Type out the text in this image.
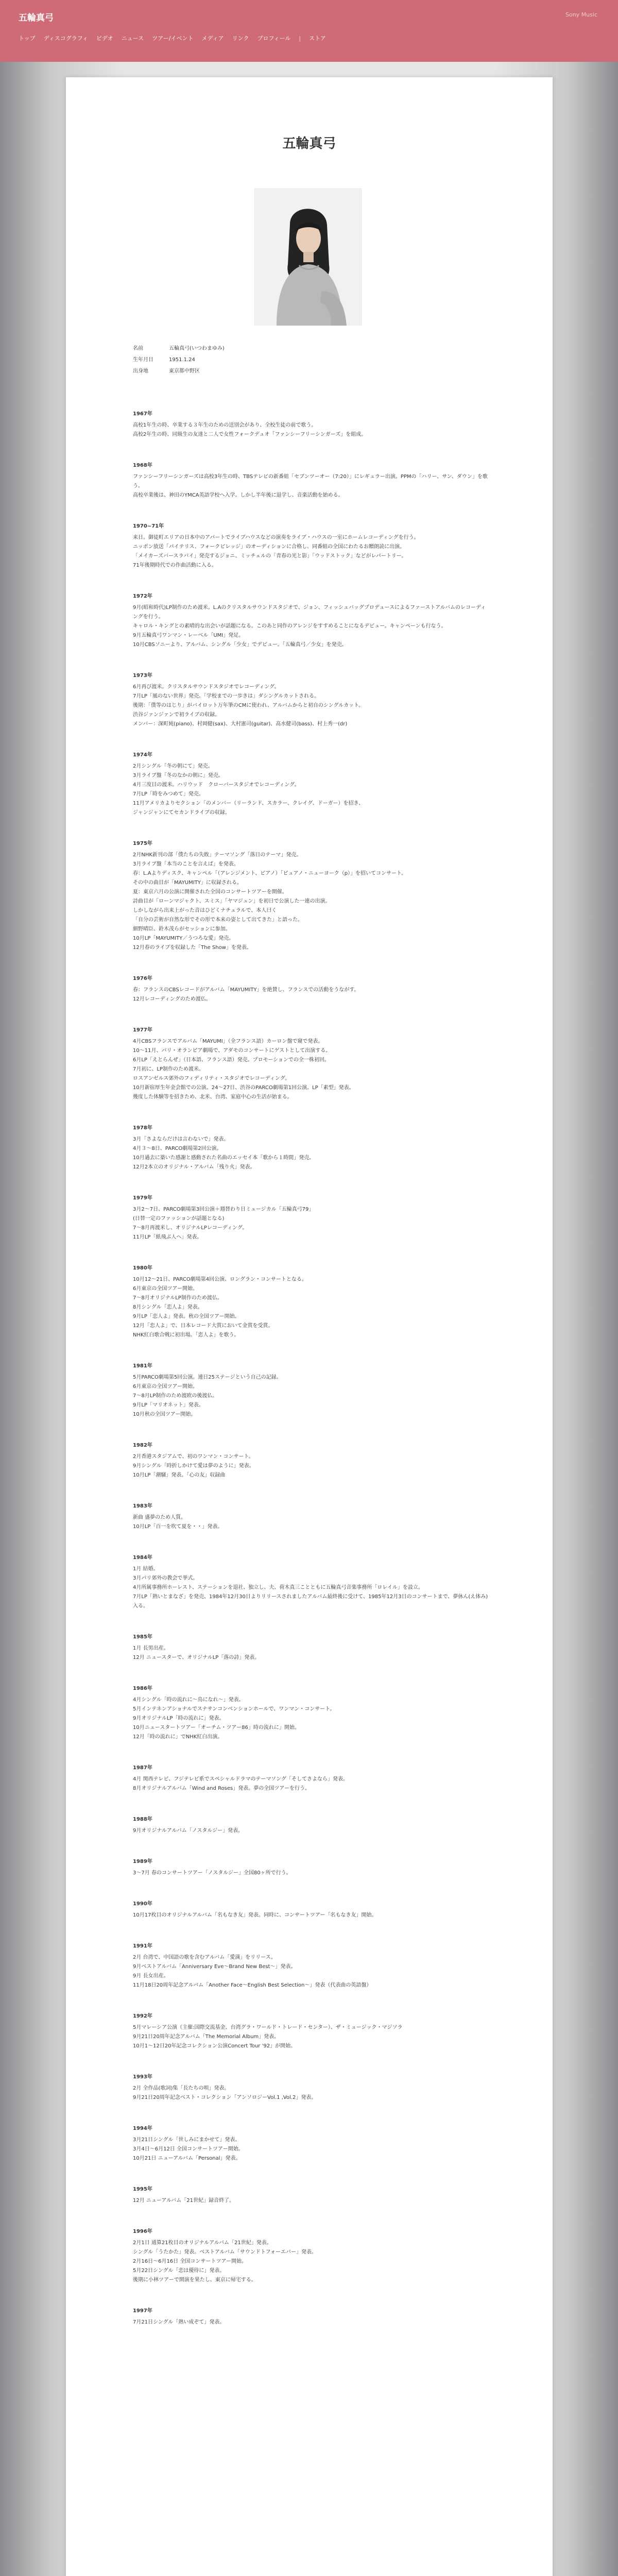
五輪真弓	Sony Music
トップ ディスコグラフィ ビデオ ニュース ツアー/イベント メディア リンク プロフィール | ストア
五輪真弓
名前	五輪真弓(いつわまゆみ)
生年月日	1951.1.24
出身地	東京都中野区
1967年
高校1年生の時、卒業する３年生のための送別会があり、全校生徒の前で歌う。
高校2年生の時、同級生の友達と二人で女性フォークデュオ「ファンシーフリーシンガーズ」を組成。
1968年
ファンシーフリーシンガーズは高校3年生の時、TBSテレビの新番組「セブンツーオー（7:20）」にレギュラー出演。PPMの「ハリー、サン、ダウン」を歌う。
高校卒業後は、神田のYMCA英語学校へ入学。しかし半年後に退学し、音楽活動を始める。
1970~71年
来日。御徒町エリアの日本中のアパートでライブハウスなどの演奏をライブ・ハウスの一室にホームレコーディングを行う。
ニッポン放送「パイテリス、フォークビレッジ」のオーディションに合格し、同番組の全国にわたるお贈朗読に出演。
「メイカーズバースラバイ」発売するジョニ、ミッチェルの「青春の光と影」「ウッドストック」などがレパートリー。
71年後期時代での作曲活動に入る。
1972年
9月(昭和時代)LP制作のため渡米。L.Aのクリスタルサウンドスタジオで、ジョン、フィッシュバッグプロデュースによるファーストアルバムのレコーディングを行う。
キャロル・キングとの素晴的な出会いが話題になる。このあと同作のアレンジをすすめることになるデビュー。キャンペーンも行なう。
9月五輪真弓ワンマン・レーベル「UMI」発足。
10月CBSソニーより、アルバム、シングル「少女」でデビュー。「五輪真弓／少女」を発売。
1973年
6月再び渡米。クリスタルサウンドスタジオでレコーディング。
7月LP「風のない世界」発売。「学校までの一歩きは」ダシングルカットされる。
後期：「僕等のはじり」がバイロット万年筆のCMに使われ、アルバムからと初自のシングルカット。
渋谷ジァンジァンで初ライブの収録。
メンバー：深町純(piano)、村岡健(sax)、大村憲司(guitar)、高水健司(bass)、村上秀一(dr)
1974年
2月シングル「冬の朝にて」発売。
3月ライブ盤「冬のなかの朝に」発売。
4月三度目の渡米。ハリウッド　クローバースタジオでレコーディング。
7月LP「時をみつめて」発売。
11月アメリカよりセクション「のメンバー（リーランド、スカラー、クレイグ、ドーガー）を招き、
ジャンジャンにてセカンドライブの収録。
1975年
2月NHK新刊の部「僕たちの失敗」テーマソング「落日のテーマ」発売。
3月ライブ盤「本当のことを言えば」を発表。
春：L.Aよりディスク、キャンペル「（アレンジメント、ピアノ）「ピュアノ・ニューヨーク（p）」を招いてコンサート。
その中の曲目が「MAYUMITY」に収録される。
夏：東京六月の公演に開催された全国のコンサートツアーを開催。
詩曲目が「ローンマジャクト、スミス」「ヤマジュン」を初日で公演した一連の出演。
しかしながら出来上がった音はひどくナチュラルで、本人曰く
「自分の芸術が自然な形でその形で本来の姿として出てきた」と語った。
細野晴臣、鈴木茂らがセッションに参加。
10月LP「MAYUMITY／うつろな愛」発売。
12月春のライブを収録した「The Show」を発表。
1976年
春：フランスのCBSレコードがアルバム「MAYUMITY」を絶賛し、フランスでの活動をうながす。
12月レコーディングのため渡仏。
1977年
4月CBSフランスでアルバム「MAYUMI」（全フランス語）カーロン盤で窺で発表。
10～11月、パリ・オランピア劇場で、アダモのコンサートにゲストとして出演する。
6月LP「えとらんぜ」（日本語、フランス語）発売。プロモーションでの全一株初回。
7月初に、LP制作のため渡米。
ロスアンゼルス郊外のフィディリティ・スタジオでレコーディング。
10月新宿厚生年金会館での公演。24～27日、渋谷のPARCO劇場第1回公演。LP「素型」発表。
幾度した体験等を招きため、北米、台湾、家庭中心の生活が始まる。
1978年
3月「さよならだけは言わないで」発表。
4月３～8日、PARCO劇場第2回公演。
10月過去に築いた感謝と感動された名曲のエッセイ本「歌から１時間」発売。
12月2本立のオリジナル・アルバム「残り火」発表。
1979年
3月2～7日、PARCO劇場第3回公演＋週替わり日ミュージカル「五輪真弓79」
(日替一定のファッションが話題となる)
7～8月再渡米し、オリジナルLPレコーディング。
11月LP「紙飛ぶ人へ」発表。
1980年
10月12～21日、PARCO劇場第4回公演、ロングラン・コンサートとなる。
6月東京の全国ツアー開始。
7～8月オリジナルLP制作のため渡仏。
8月シングル「恋人よ」発表。
9月LP「恋人よ」発表。秋の全国ツアー開始。
12月「恋人よ」で、日本レコード大賞において金賞を受賞。
NHK紅白歌合戦に初出場。「恋人よ」を歌う。
1981年
5月PARCO劇場第5回公演。連日25ステージという自己の記録。
6月東京の全国ツアー開始。
7～8月LP制作のため渡欧の後渡仏。
9月LP「マリオネット」発表。
10月秋の全国ツアー開始。
1982年
2月香港スタジアムで、初のワンマン・コンサート。
9月シングル「時折しかけて愛は夢のように」発表。
10月LP「潮騒」発表。「心の友」収録曲
1983年
新曲 盛夢のため人質。
10月LP「百一を吹て夏を・・」発表。
1984年
1月 結婚。
3月パリ郊外の教会で挙式。
4月所属事務所ホーレスト、ステーションを退社、独立し、夫、荷木真三ことともに五輪真弓音楽事務所「ロレイル」を設立。
7月LP「熱いとまなざ」を発売、1984年12月30日よりリリースされましたアルバム最終後に受けて、1985年12月3日のコンサートまで、夢休ん(え体み)入る。
1985年
1月 長男出産。
12月 ニュースターで、オリジナルLP「落の詩」発表。
1986年
4月シングル「時の流れに～鳥になれ～」発表。
5月インテネンアショナルでスナサンコンベンションホールで、ワンマン・コンサート。
9月オリジナルLP「時の流れに」発表。
10月ニュースタートツアー「オーチム・ツアー86」時の流れに」開始。
12月「時の流れに」でNHK紅白出演。
1987年
4月 関西テレビ、フジテレビ系でスペシャルドラマのテーマソング「そしてさよなら」発表。
8月オリジナルアルバム「Wind and Roses」発表。夢の全国ツアーを行う。
1988年
9月オリジナルアルバム「ノスタルジー」発表。
1989年
3～7月 春のコンサートツアー「ノスタルジー」全国80ヶ所で行う。
1990年
10月17枚目のオリジナルアルバム「名もなき友」発表。同時に、コンサートツアー「名もなき友」開始。
1991年
2月 台湾で、中国語の歌を含むアルバム「愛満」をリリース。
9月ベストアルバム「Anniversary Eve～Brand New Best～」発表。
9月 長女出産。
11月18日20周年記念アルバム「Another Face～English Best Selection～」発表（代表曲の英語盤）
1992年
5月マレーシア公演（主催:国際交流基金、台湾グラ・ワールド・トレード・センター）、ザ・ミュージック・マジソラ
9月21日20周年記念アルバム「The Memorial Album」発表。
10月1～12日20年記念コレクション公演Concert Tour '92」が開始。
1993年
2月 全作品(歌詞)集「長たちの唄」発表。
9月21日20周年記念ベスト・コレクション「アンソロジーVol.1 ,Vol.2」発表。
1994年
3月21日シングル「世しみにまかせて」発表。
3月4日～6月12日 全国コンサートツアー開始。
10月21日 ニューアルバム「Personal」発表。
1995年
12月 ニューアルバム「21世紀」録音終了。
1996年
2月1日 通算21枚目のオリジナルアルバム「21世紀」発表。
シングル「うたかた」発表。ベストアルバム「サウンドトフォーエバー」発表。
2月16日～6月16日 全国コンサートツアー開始。
5月22日シングル「恋は優待に」発表。
後期に小林ツアーで開演を果たし、東京に帰宅する。
1997年
7月21日シングル「熱い成ぞて」発表。
